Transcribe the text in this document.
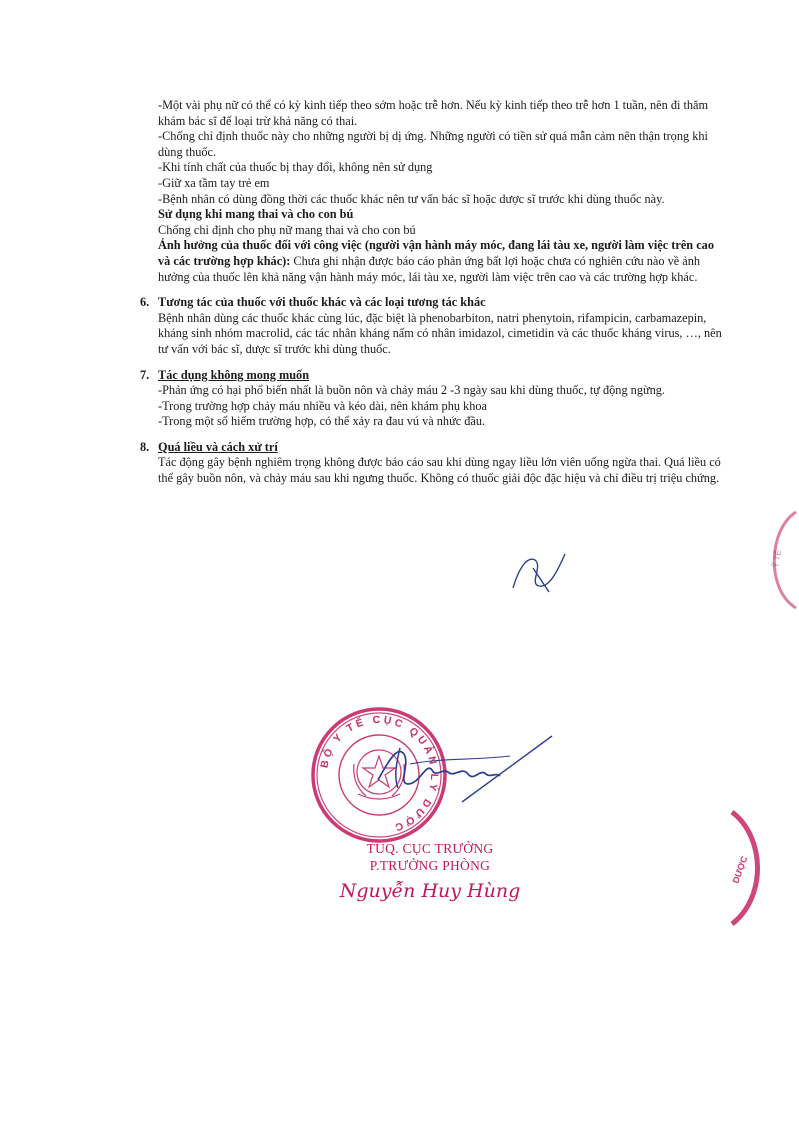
-Một vài phụ nữ có thể có kỳ kinh tiếp theo sớm hoặc trễ hơn. Nếu kỳ kinh tiếp theo trễ hơn 1 tuần, nên đi thăm khám bác sĩ để loại trừ khả năng có thai.

-Chống chỉ định thuốc này cho những người bị dị ứng. Những người có tiền sử quá mẫn cảm nên thận trọng khi dùng thuốc.

-Khi tính chất của thuốc bị thay đổi, không nên sử dụng

-Giữ xa tầm tay trẻ em

-Bệnh nhân có dùng đồng thời các thuốc khác nên tư vấn bác sĩ hoặc dược sĩ trước khi dùng thuốc này.

Sử dụng khi mang thai và cho con bú

Chống chỉ định cho phụ nữ mang thai và cho con bú

Ảnh hưởng của thuốc đối với công việc (người vận hành máy móc, đang lái tàu xe, người làm việc trên cao và các trường hợp khác): Chưa ghi nhận được báo cáo phản ứng bất lợi hoặc chưa có nghiên cứu nào về ảnh hưởng của thuốc lên khả năng vận hành máy móc, lái tàu xe, người làm việc trên cao và các trường hợp khác.

6. Tương tác của thuốc với thuốc khác và các loại tương tác khác

Bệnh nhân dùng các thuốc khác cùng lúc, đặc biệt là phenobarbiton, natri phenytoin, rifampicin, carbamazepin, kháng sinh nhóm macrolid, các tác nhân kháng nấm có nhân imidazol, cimetidin và các thuốc kháng virus, …, nên tư vấn với bác sĩ, dược sĩ trước khi dùng thuốc.

7. Tác dụng không mong muốn

-Phản ứng có hại phổ biến nhất là buồn nôn và chảy máu 2 -3 ngày sau khi dùng thuốc, tự động ngừng.

-Trong trường hợp chảy máu nhiều và kéo dài, nên khám phụ khoa

-Trong một số hiếm trường hợp, có thể xảy ra đau vú và nhức đầu.

8. Quá liều và cách xử trí

Tác động gây bệnh nghiêm trọng không được báo cáo sau khi dùng ngay liều lớn viên uống ngừa thai. Quá liều có thể gây buồn nôn, và chảy máu sau khi ngưng thuốc. Không có thuốc giải độc đặc hiệu và chỉ điều trị triệu chứng.

BỘ Y TẾ CỤC QUẢN LÝ DƯỢC
TUQ. CỤC TRƯỞNG
P.TRƯỞNG PHÒNG
Nguyễn Huy Hùng
Ỹ TẾ
DƯỢC
